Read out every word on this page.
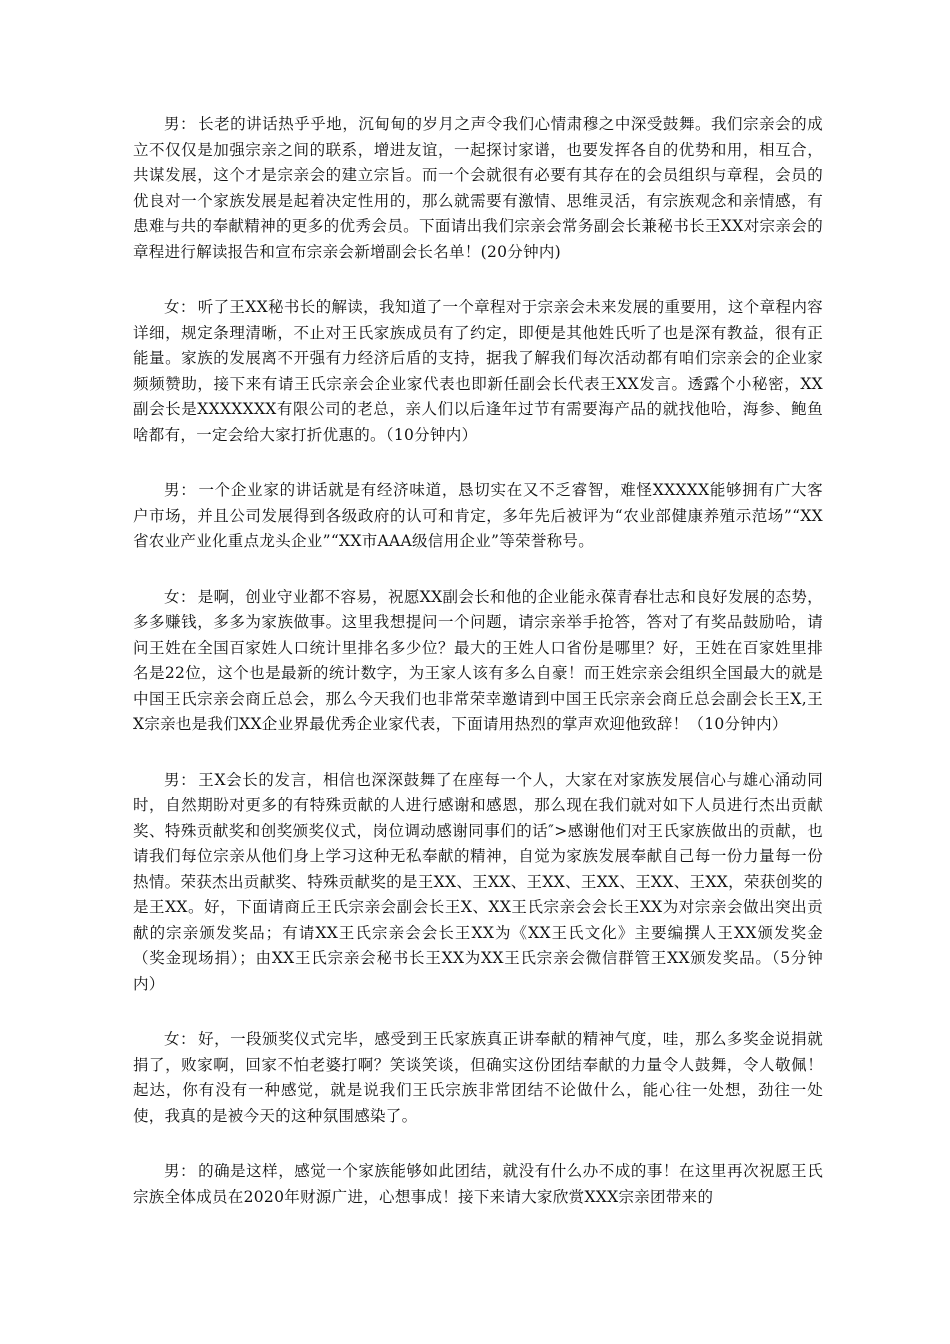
男： 长老的讲话热乎乎地，沉甸甸的岁月之声令我们心情肃穆之中深受鼓舞。我们宗亲会的成立不仅仅是加强宗亲之间的联系，增进友谊，一起探讨家谱，也要发挥各自的优势和用，相互合，共谋发展，这个才是宗亲会的建立宗旨。而一个会就很有必要有其存在的会员组织与章程，会员的优良对一个家族发展是起着决定性用的，那么就需要有激情、思维灵活，有宗族观念和亲情感，有患难与共的奉献精神的更多的优秀会员。下面请出我们宗亲会常务副会长兼秘书长王XX对宗亲会的章程进行解读报告和宣布宗亲会新增副会长名单！(20分钟内)

女： 听了王XX秘书长的解读，我知道了一个章程对于宗亲会未来发展的重要用，这个章程内容详细，规定条理清晰，不止对王氏家族成员有了约定，即便是其他姓氏听了也是深有教益，很有正能量。家族的发展离不开强有力经济后盾的支持，据我了解我们每次活动都有咱们宗亲会的企业家频频赞助，接下来有请王氏宗亲会企业家代表也即新任副会长代表王XX发言。透露个小秘密，XX副会长是XXXXXXX有限公司的老总，亲人们以后逢年过节有需要海产品的就找他哈，海参、鲍鱼啥都有，一定会给大家打折优惠的。（10分钟内）

男： 一个企业家的讲话就是有经济味道，恳切实在又不乏睿智，难怪XXXXX能够拥有广大客户市场，并且公司发展得到各级政府的认可和肯定，多年先后被评为“农业部健康养殖示范场”“XX省农业产业化重点龙头企业”“XX市AAA级信用企业”等荣誉称号。

女： 是啊，创业守业都不容易，祝愿XX副会长和他的企业能永葆青春壮志和良好发展的态势，多多赚钱，多多为家族做事。这里我想提问一个问题，请宗亲举手抢答，答对了有奖品鼓励哈，请问王姓在全国百家姓人口统计里排名多少位？最大的王姓人口省份是哪里？好，王姓在百家姓里排名是22位，这个也是最新的统计数字，为王家人该有多么自豪！而王姓宗亲会组织全国最大的就是中国王氏宗亲会商丘总会，那么今天我们也非常荣幸邀请到中国王氏宗亲会商丘总会副会长王X,王X宗亲也是我们XX企业界最优秀企业家代表，下面请用热烈的掌声欢迎他致辞！（10分钟内）

男： 王X会长的发言，相信也深深鼓舞了在座每一个人，大家在对家族发展信心与雄心涌动同时，自然期盼对更多的有特殊贡献的人进行感谢和感恩，那么现在我们就对如下人员进行杰出贡献奖、特殊贡献奖和创奖颁奖仪式，岗位调动感谢同事们的话″>感谢他们对王氏家族做出的贡献，也请我们每位宗亲从他们身上学习这种无私奉献的精神，自觉为家族发展奉献自己每一份力量每一份热情。荣获杰出贡献奖、特殊贡献奖的是王XX、王XX、王XX、王XX、王XX、王XX，荣获创奖的是王XX。好，下面请商丘王氏宗亲会副会长王X、XX王氏宗亲会会长王XX为对宗亲会做出突出贡献的宗亲颁发奖品；有请XX王氏宗亲会会长王XX为《XX王氏文化》主要编撰人王XX颁发奖金（奖金现场捐）；由XX王氏宗亲会秘书长王XX为XX王氏宗亲会微信群管王XX颁发奖品。（5分钟内）

女： 好，一段颁奖仪式完毕，感受到王氏家族真正讲奉献的精神气度，哇，那么多奖金说捐就捐了，败家啊，回家不怕老婆打啊？笑谈笑谈，但确实这份团结奉献的力量令人鼓舞，令人敬佩！起达，你有没有一种感觉，就是说我们王氏宗族非常团结不论做什么，能心往一处想，劲往一处使，我真的是被今天的这种氛围感染了。

男： 的确是这样，感觉一个家族能够如此团结，就没有什么办不成的事！在这里再次祝愿王氏宗族全体成员在2020年财源广进，心想事成！接下来请大家欣赏XXX宗亲团带来的
